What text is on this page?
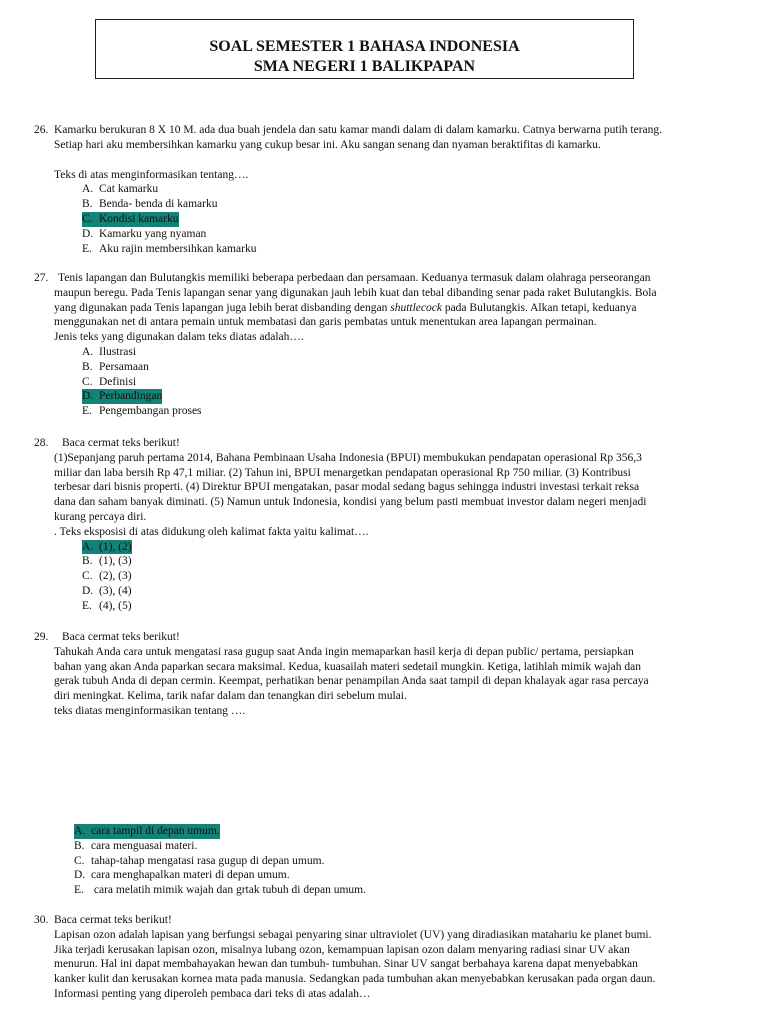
SOAL SEMESTER 1 BAHASA INDONESIA
SMA NEGERI 1 BALIKPAPAN
26. Kamarku berukuran 8 X 10 M. ada dua buah jendela dan satu kamar mandi dalam di dalam kamarku. Catnya berwarna putih terang.

Setiap hari aku membersihkan kamarku yang cukup besar ini. Aku sangan senang dan nyaman beraktifitas di kamarku.

Teks di atas menginformasikan tentang….

A. Cat kamarku
B. Benda- benda di kamarku
C. Kondisi kamarku
D. Kamarku yang nyaman
E. Aku rajin membersihkan kamarku
27. Tenis lapangan dan Bulutangkis memiliki beberapa perbedaan dan persamaan. Keduanya termasuk dalam olahraga perseorangan

maupun beregu. Pada Tenis lapangan senar yang digunakan jauh lebih kuat dan tebal dibanding senar pada raket Bulutangkis. Bola

yang digunakan pada Tenis lapangan juga lebih berat disbanding dengan shuttlecock pada Bulutangkis. Alkan tetapi, keduanya

menggunakan net di antara pemain untuk membatasi dan garis pembatas untuk menentukan area lapangan permainan.

Jenis teks yang digunakan dalam teks diatas adalah….

A. Ilustrasi
B. Persamaan
C. Definisi
D. Perbandingan
E. Pengembangan proses
28.	Baca cermat teks berikut!

(1)Sepanjang paruh pertama 2014, Bahana Pembinaan Usaha Indonesia (BPUI) membukukan pendapatan operasional Rp 356,3

miliar dan laba bersih Rp 47,1 miliar. (2) Tahun ini, BPUI menargetkan pendapatan operasional Rp 750 miliar. (3) Kontribusi

terbesar dari bisnis properti. (4) Direktur BPUI mengatakan, pasar modal sedang bagus sehingga industri investasi terkait reksa

dana dan saham banyak diminati. (5) Namun untuk Indonesia, kondisi yang belum pasti membuat investor dalam negeri menjadi

kurang percaya diri.

. Teks eksposisi di atas didukung oleh kalimat fakta yaitu kalimat….

A. (1), (2)
B. (1), (3)
C. (2), (3)
D. (3), (4)
E. (4), (5)
29.	Baca cermat teks berikut!

Tahukah Anda cara untuk mengatasi rasa gugup saat Anda ingin memaparkan hasil kerja di depan public/ pertama, persiapkan

bahan yang akan Anda paparkan secara maksimal. Kedua, kuasailah materi sedetail mungkin. Ketiga, latihlah mimik wajah dan

gerak tubuh Anda di depan cermin. Keempat, perhatikan benar penampilan Anda saat tampil di depan khalayak agar rasa percaya

diri meningkat. Kelima, tarik nafar dalam dan tenangkan diri sebelum mulai.

teks diatas menginformasikan tentang ….

A. cara tampil di depan umum.
B. cara menguasai materi.
C. tahap-tahap mengatasi rasa gugup di depan umum.
D. cara menghapalkan materi di depan umum.
E. cara melatih mimik wajah dan grtak tubuh di depan umum.
30. Baca cermat teks berikut!

Lapisan ozon adalah lapisan yang berfungsi sebagai penyaring sinar ultraviolet (UV) yang diradiasikan matahariu ke planet bumi.

Jika terjadi kerusakan lapisan ozon, misalnya lubang ozon, kemampuan lapisan ozon dalam menyaring radiasi sinar UV akan

menurun. Hal ini dapat membahayakan hewan dan tumbuh- tumbuhan. Sinar UV sangat berbahaya karena dapat menyebabkan

kanker kulit dan kerusakan kornea mata pada manusia. Sedangkan pada tumbuhan akan menyebabkan kerusakan pada organ daun.

Informasi penting yang diperoleh pembaca dari teks di atas adalah…
